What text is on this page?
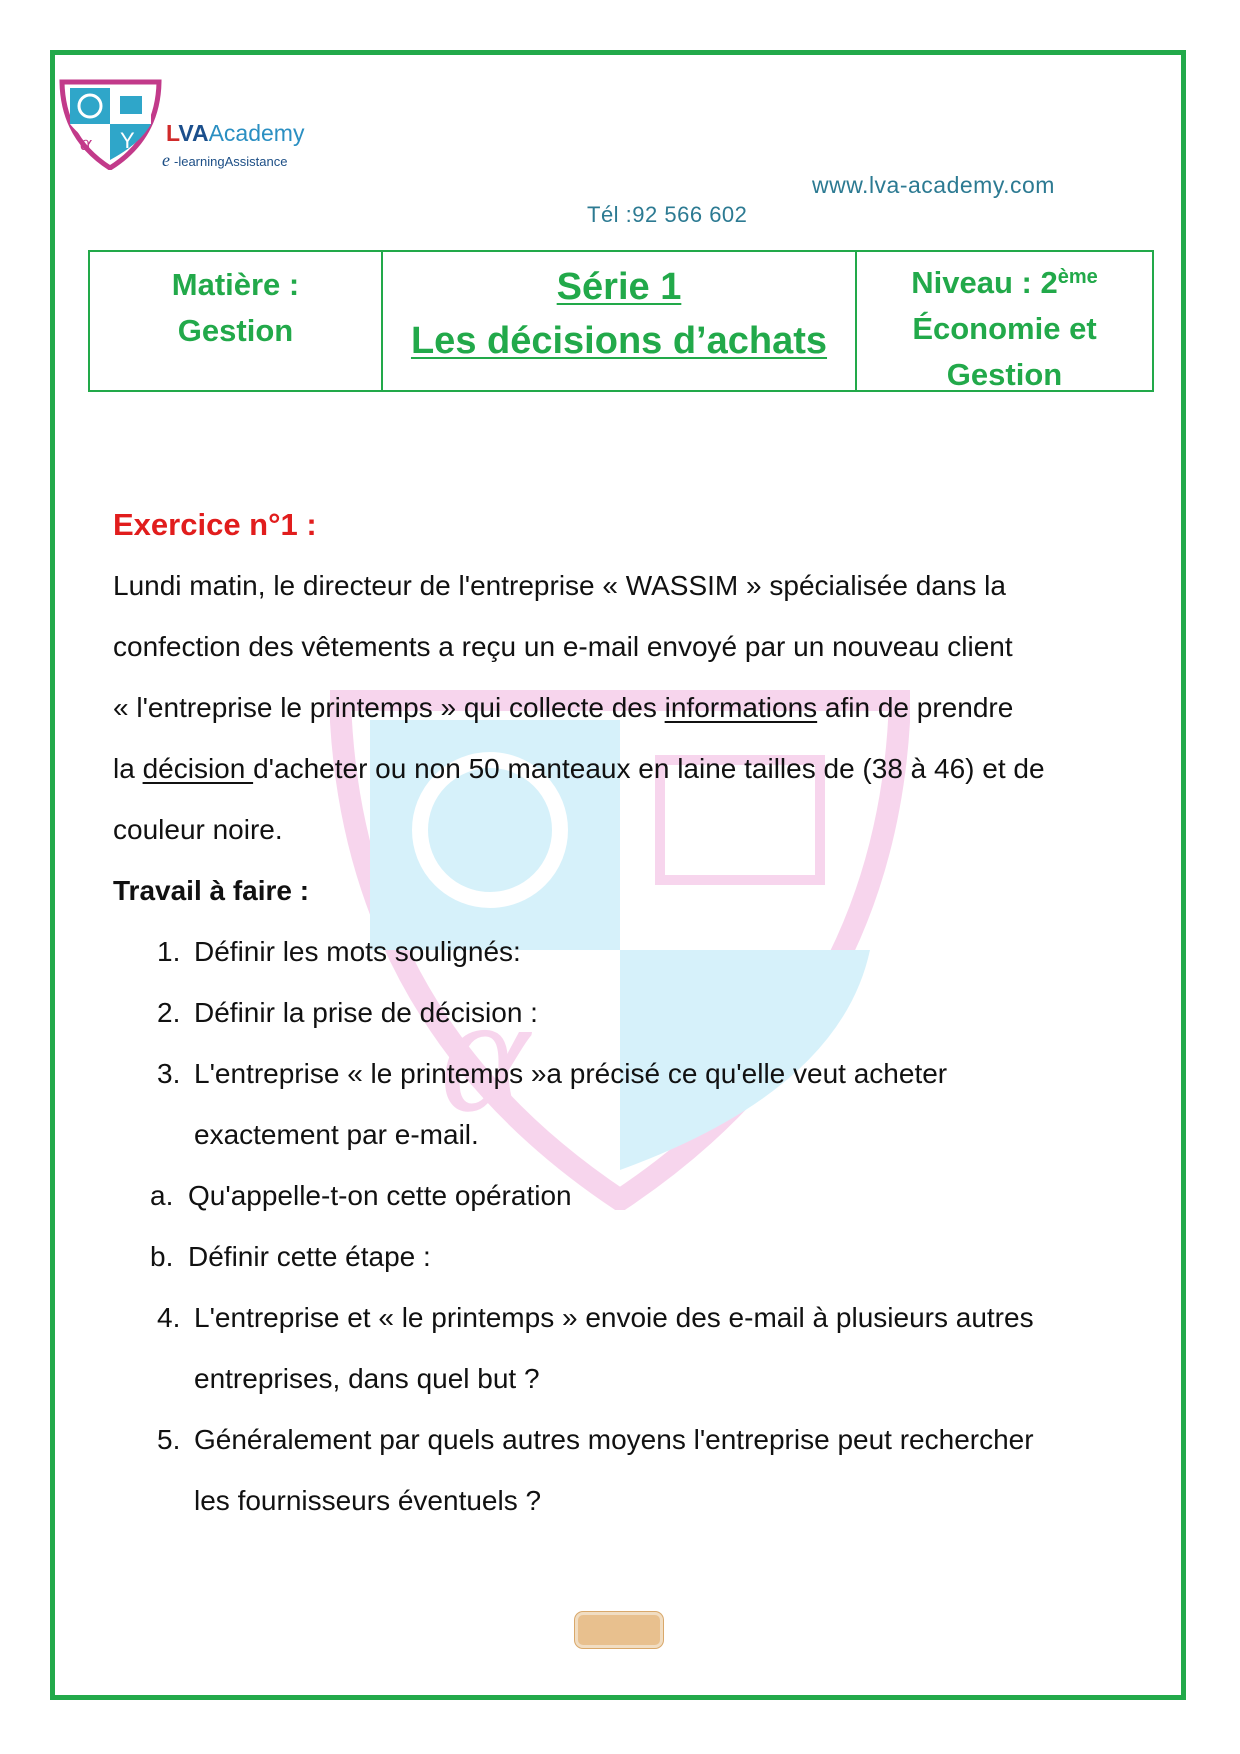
α Y LVAAcademy
e -learningAssistance
www.lva-academy.com
Tél :92 566 602
Matière :
Gestion
Série 1
Les décisions d’achats
Niveau : 2ème
Économie et
Gestion
α

Exercice n°1 :

Lundi matin, le directeur de l'entreprise « WASSIM » spécialisée dans la

confection des vêtements a reçu un e-mail envoyé par un nouveau client

« l'entreprise le printemps » qui collecte des informations afin de prendre

la décision d'acheter ou non 50 manteaux en laine tailles de (38 à 46) et de

couleur noire.

Travail à faire :

1. Définir les mots soulignés:
2. Définir la prise de décision :
3. L'entreprise « le printemps »a précisé ce qu'elle veut acheter
exactement par e-mail.
a. Qu'appelle-t-on cette opération
b. Définir cette étape :
4. L'entreprise et « le printemps » envoie des e-mail à plusieurs autres
entreprises, dans quel but ?
5. Généralement par quels autres moyens l'entreprise peut rechercher
les fournisseurs éventuels ?
